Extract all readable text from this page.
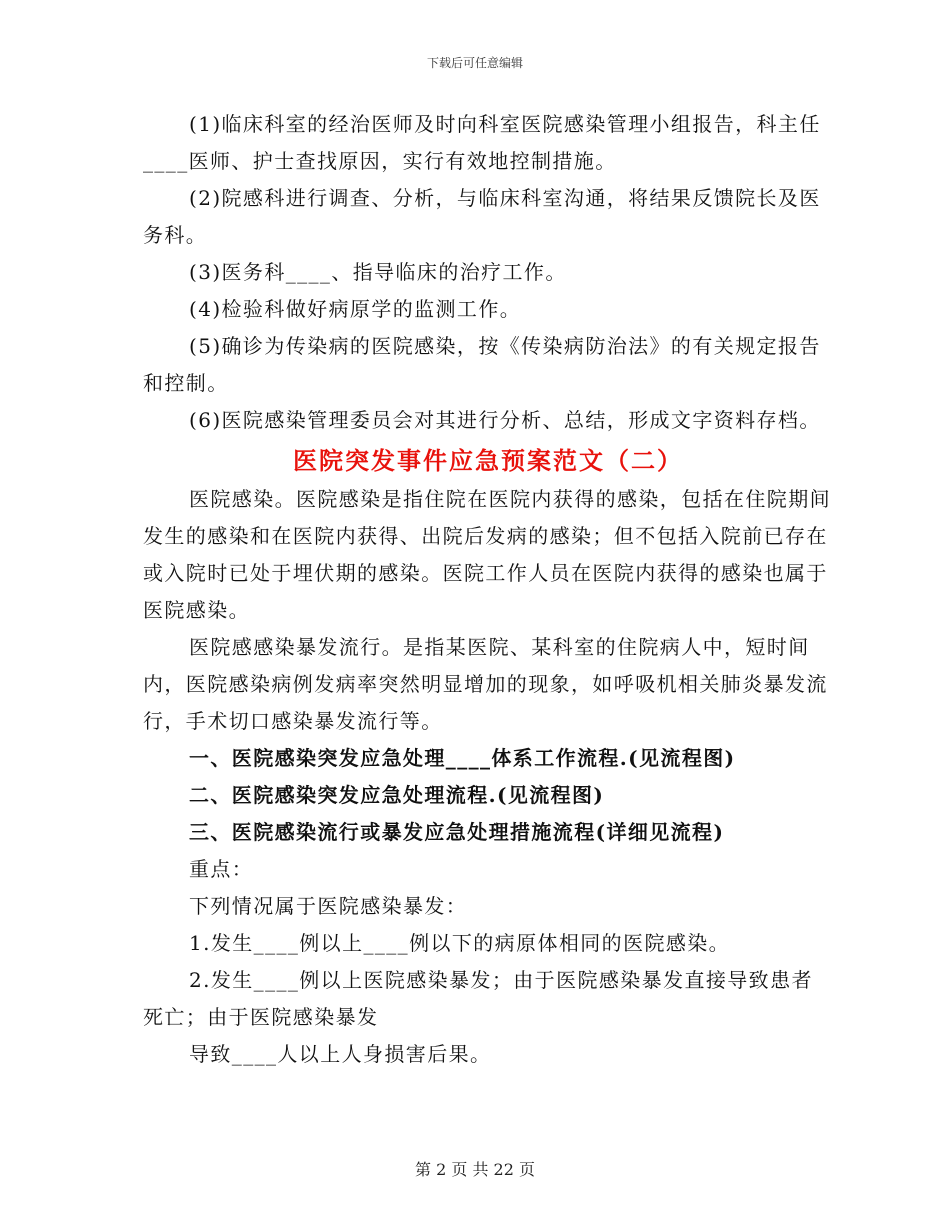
下载后可任意编辑

(1)临床科室的经治医师及时向科室医院感染管理小组报告，科主任____医师、护士查找原因，实行有效地控制措施。

(2)院感科进行调查、分析，与临床科室沟通，将结果反馈院长及医务科。

(3)医务科____、指导临床的治疗工作。

(4)检验科做好病原学的监测工作。

(5)确诊为传染病的医院感染，按《传染病防治法》的有关规定报告和控制。

(6)医院感染管理委员会对其进行分析、总结，形成文字资料存档。

医院突发事件应急预案范文（二）

医院感染。医院感染是指住院在医院内获得的感染，包括在住院期间发生的感染和在医院内获得、出院后发病的感染；但不包括入院前已存在或入院时已处于埋伏期的感染。医院工作人员在医院内获得的感染也属于医院感染。

医院感感染暴发流行。是指某医院、某科室的住院病人中，短时间内，医院感染病例发病率突然明显增加的现象，如呼吸机相关肺炎暴发流行，手术切口感染暴发流行等。

一、医院感染突发应急处理____体系工作流程.(见流程图)

二、医院感染突发应急处理流程.(见流程图)

三、医院感染流行或暴发应急处理措施流程(详细见流程)

重点：

下列情况属于医院感染暴发：

1.发生____例以上____例以下的病原体相同的医院感染。

2.发生____例以上医院感染暴发；由于医院感染暴发直接导致患者死亡；由于医院感染暴发

导致____人以上人身损害后果。

第 2 页 共 22 页
